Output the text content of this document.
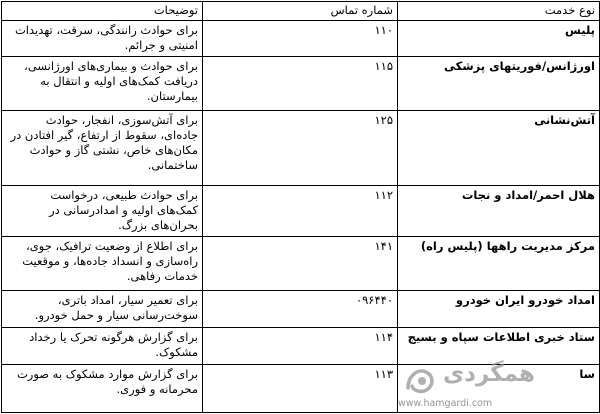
نوع خدمت	شماره تماس	توضیحات
پلیس	۱۱۰	برای حوادث رانندگی، سرقت، تهدیدات امنیتی و جرائم.
اورژانس/فوریتهای پزشکی	۱۱۵	برای حوادث و بیماری‌های اورژانسی، دریافت کمک‌های اولیه و انتقال به بیمارستان.
آتش‌نشانی	۱۲۵	برای آتش‌سوزی، انفجار، حوادث جاده‌ای، سقوط از ارتفاع، گیر افتادن در مکان‌های خاص، نشتی گاز و حوادث ساختمانی.
هلال احمر/امداد و نجات	۱۱۲	برای حوادث طبیعی، درخواست کمک‌های اولیه و امدادرسانی در بحران‌های بزرگ.
مرکز مدیریت راهها (پلیس راه)	۱۴۱	برای اطلاع از وضعیت ترافیک، جوی، راه‌سازی و انسداد جاده‌ها، و موقعیت خدمات رفاهی.
امداد خودرو ایران خودرو	۰۹۶۴۴۰	برای تعمیر سیار، امداد باتری، سوخت‌رسانی سیار و حمل خودرو.
ستاد خبری اطلاعات سپاه و بسیج	۱۱۴	برای گزارش هرگونه تحرک یا رخداد مشکوک.
سا	۱۱۳	برای گزارش موارد مشکوک به صورت محرمانه و فوری.
همگردی
www.hamgardi.com
